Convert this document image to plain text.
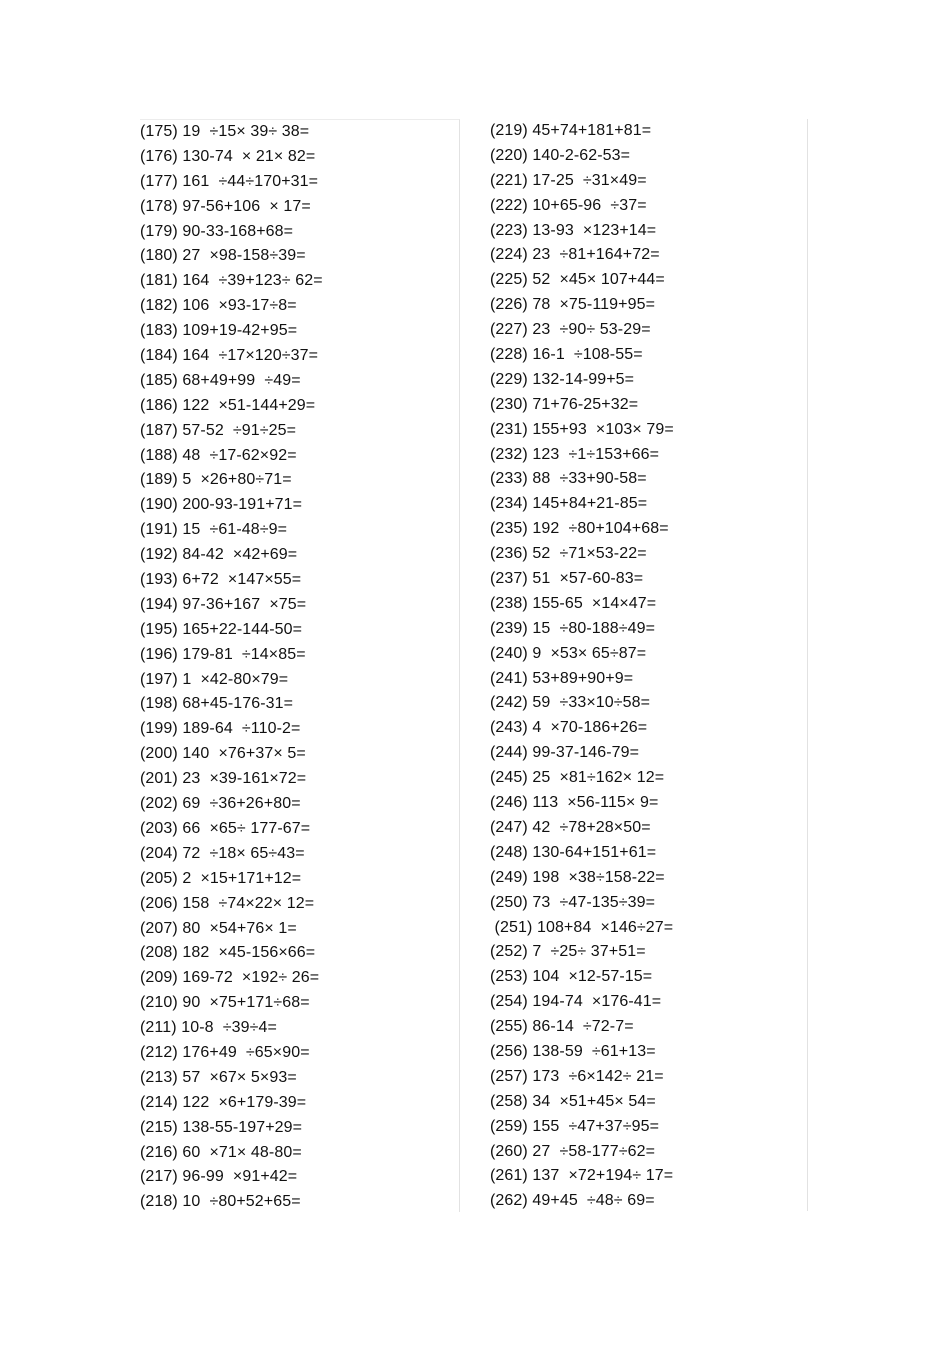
(175) 19  ÷15× 39÷ 38=
(176) 130-74  × 21× 82=
(177) 161  ÷44÷170+31=
(178) 97-56+106  × 17=
(179) 90-33-168+68=
(180) 27  ×98-158÷39=
(181) 164  ÷39+123÷ 62=
(182) 106  ×93-17÷8=
(183) 109+19-42+95=
(184) 164  ÷17×120÷37=
(185) 68+49+99  ÷49=
(186) 122  ×51-144+29=
(187) 57-52  ÷91÷25=
(188) 48  ÷17-62×92=
(189) 5  ×26+80÷71=
(190) 200-93-191+71=
(191) 15  ÷61-48÷9=
(192) 84-42  ×42+69=
(193) 6+72  ×147×55=
(194) 97-36+167  ×75=
(195) 165+22-144-50=
(196) 179-81  ÷14×85=
(197) 1  ×42-80×79=
(198) 68+45-176-31=
(199) 189-64  ÷110-2=
(200) 140  ×76+37× 5=
(201) 23  ×39-161×72=
(202) 69  ÷36+26+80=
(203) 66  ×65÷ 177-67=
(204) 72  ÷18× 65÷43=
(205) 2  ×15+171+12=
(206) 158  ÷74×22× 12=
(207) 80  ×54+76× 1=
(208) 182  ×45-156×66=
(209) 169-72  ×192÷ 26=
(210) 90  ×75+171÷68=
(211) 10-8  ÷39÷4=
(212) 176+49  ÷65×90=
(213) 57  ×67× 5×93=
(214) 122  ×6+179-39=
(215) 138-55-197+29=
(216) 60  ×71× 48-80=
(217) 96-99  ×91+42=
(218) 10  ÷80+52+65=
(219) 45+74+181+81=
(220) 140-2-62-53=
(221) 17-25  ÷31×49=
(222) 10+65-96  ÷37=
(223) 13-93  ×123+14=
(224) 23  ÷81+164+72=
(225) 52  ×45× 107+44=
(226) 78  ×75-119+95=
(227) 23  ÷90÷ 53-29=
(228) 16-1  ÷108-55=
(229) 132-14-99+5=
(230) 71+76-25+32=
(231) 155+93  ×103× 79=
(232) 123  ÷1÷153+66=
(233) 88  ÷33+90-58=
(234) 145+84+21-85=
(235) 192  ÷80+104+68=
(236) 52  ÷71×53-22=
(237) 51  ×57-60-83=
(238) 155-65  ×14×47=
(239) 15  ÷80-188÷49=
(240) 9  ×53× 65÷87=
(241) 53+89+90+9=
(242) 59  ÷33×10÷58=
(243) 4  ×70-186+26=
(244) 99-37-146-79=
(245) 25  ×81÷162× 12=
(246) 113  ×56-115× 9=
(247) 42  ÷78+28×50=
(248) 130-64+151+61=
(249) 198  ×38÷158-22=
(250) 73  ÷47-135÷39=
(251) 108+84  ×146÷27=
(252) 7  ÷25÷ 37+51=
(253) 104  ×12-57-15=
(254) 194-74  ×176-41=
(255) 86-14  ÷72-7=
(256) 138-59  ÷61+13=
(257) 173  ÷6×142÷ 21=
(258) 34  ×51+45× 54=
(259) 155  ÷47+37÷95=
(260) 27  ÷58-177÷62=
(261) 137  ×72+194÷ 17=
(262) 49+45  ÷48÷ 69=
